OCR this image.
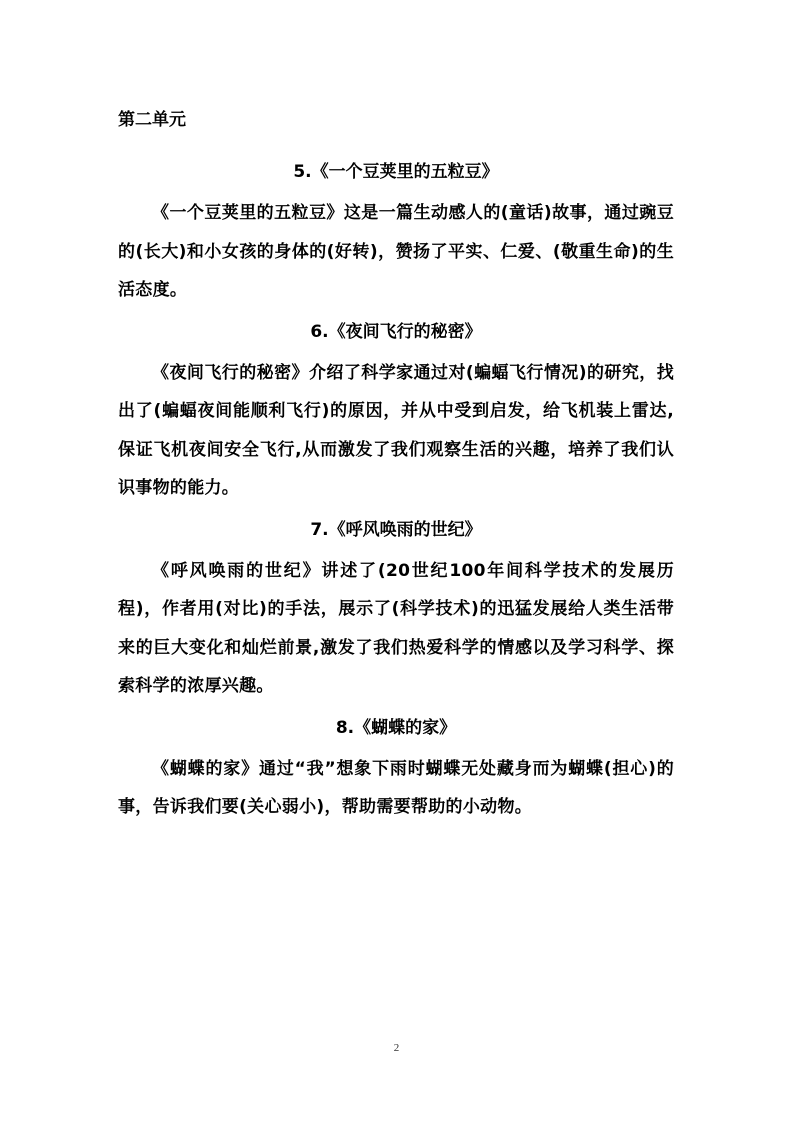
第二单元
5.《一个豆荚里的五粒豆》

《一个豆荚里的五粒豆》这是一篇生动感人的(童话)故事，通过豌豆的(长大)和小女孩的身体的(好转)，赞扬了平实、仁爱、(敬重生命)的生活态度。

6.《夜间飞行的秘密》

《夜间飞行的秘密》介绍了科学家通过对(蝙蝠飞行情况)的研究，找出了(蝙蝠夜间能顺利飞行)的原因，并从中受到启发，给飞机装上雷达,保证飞机夜间安全飞行,从而激发了我们观察生活的兴趣，培养了我们认识事物的能力。

7.《呼风唤雨的世纪》

《呼风唤雨的世纪》讲述了(20世纪100年间科学技术的发展历程)，作者用(对比)的手法，展示了(科学技术)的迅猛发展给人类生活带来的巨大变化和灿烂前景,激发了我们热爱科学的情感以及学习科学、探索科学的浓厚兴趣。

8.《蝴蝶的家》

《蝴蝶的家》通过“我”想象下雨时蝴蝶无处藏身而为蝴蝶(担心)的事，告诉我们要(关心弱小)，帮助需要帮助的小动物。

2
